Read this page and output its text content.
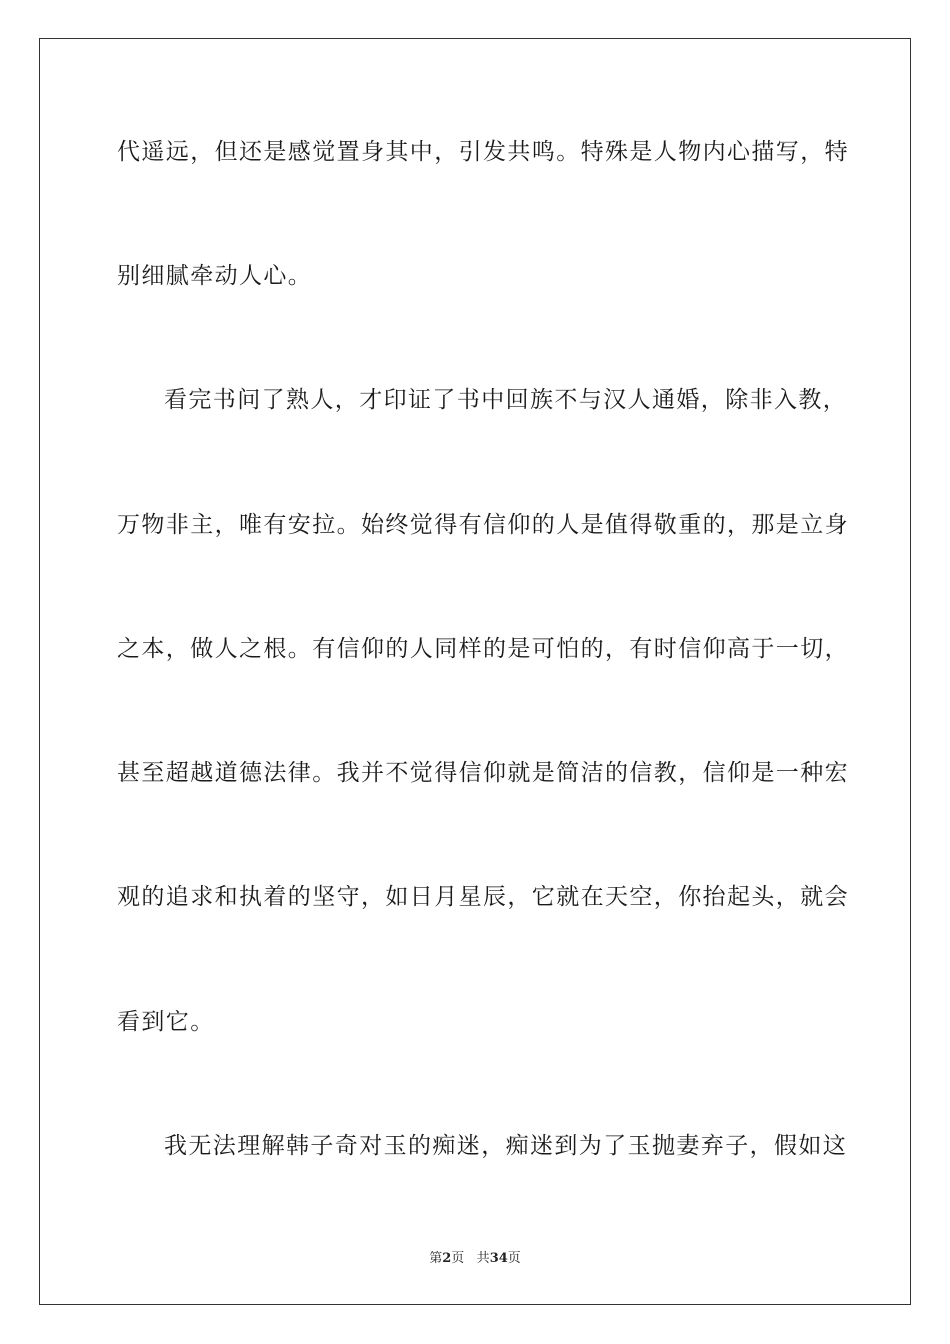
代遥远，但还是感觉置身其中，引发共鸣。特殊是人物内心描写，特
别细腻牵动人心。
看完书问了熟人，才印证了书中回族不与汉人通婚，除非入教，
万物非主，唯有安拉。始终觉得有信仰的人是值得敬重的，那是立身
之本，做人之根。有信仰的人同样的是可怕的，有时信仰高于一切，
甚至超越道德法律。我并不觉得信仰就是简洁的信教，信仰是一种宏
观的追求和执着的坚守，如日月星辰，它就在天空，你抬起头，就会
看到它。
我无法理解韩子奇对玉的痴迷，痴迷到为了玉抛妻弃子，假如这
第2页 共34页
